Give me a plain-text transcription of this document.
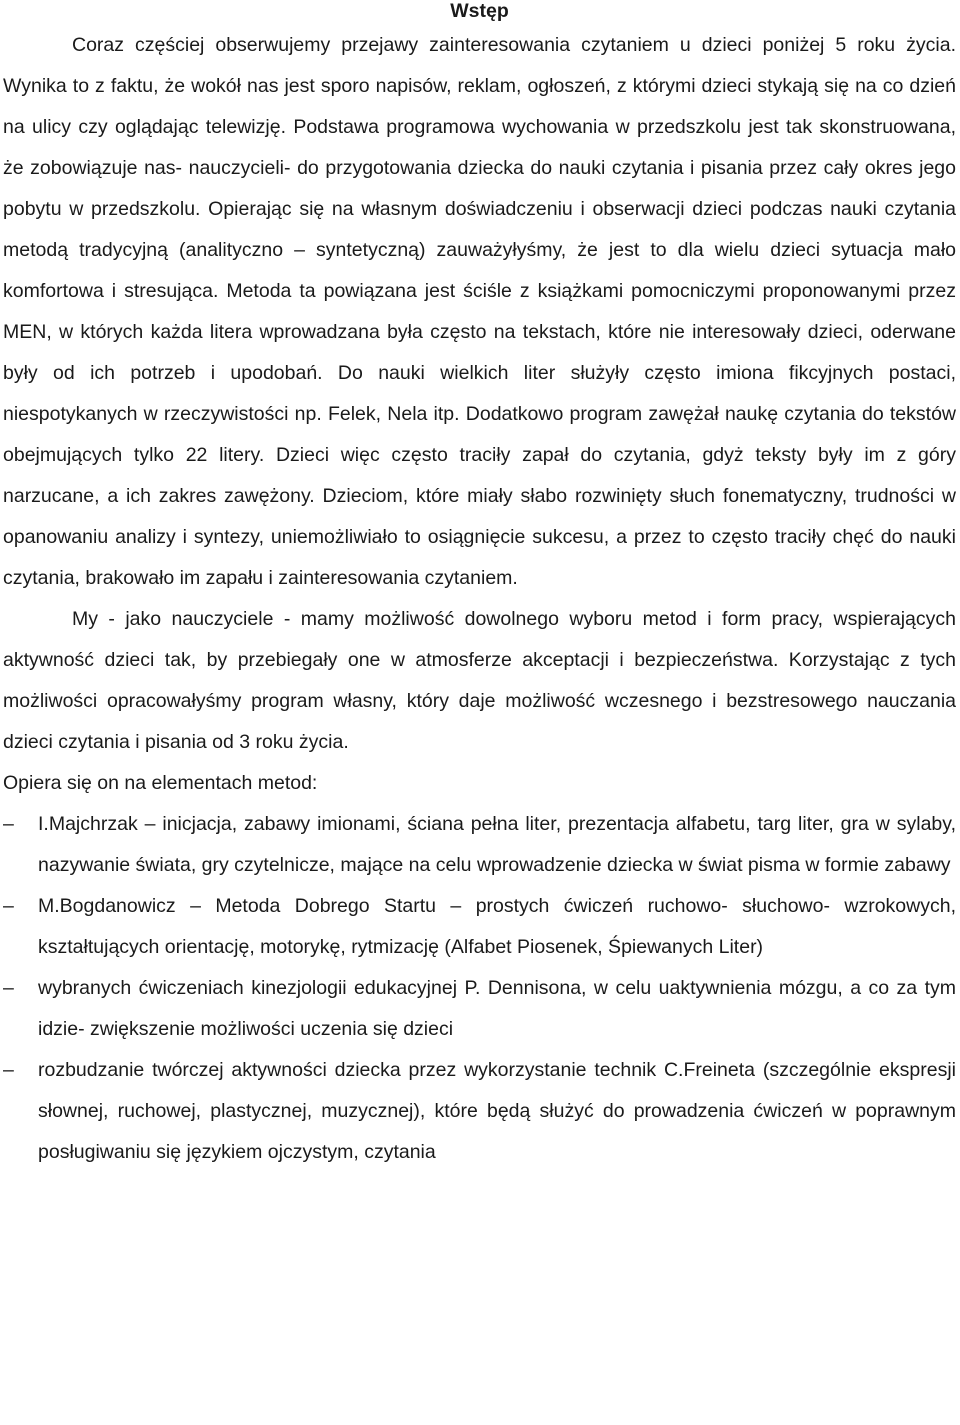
Wstęp

Coraz częściej obserwujemy przejawy zainteresowania czytaniem u dzieci poniżej 5 roku życia. Wynika to z faktu, że wokół nas jest sporo napisów, reklam, ogłoszeń, z którymi dzieci stykają się na co dzień na ulicy czy oglądając telewizję. Podstawa programowa wychowania w przedszkolu jest tak skonstruowana, że zobowiązuje nas- nauczycieli- do przygotowania dziecka do nauki czytania i pisania przez cały okres jego pobytu w przedszkolu. Opierając się na własnym doświadczeniu i obserwacji dzieci podczas nauki czytania metodą tradycyjną (analityczno – syntetyczną) zauważyłyśmy, że jest to dla wielu dzieci sytuacja mało komfortowa i stresująca. Metoda ta powiązana jest ściśle z książkami pomocniczymi proponowanymi przez MEN, w których każda litera wprowadzana była często na tekstach, które nie interesowały dzieci, oderwane były od ich potrzeb i upodobań. Do nauki wielkich liter służyły często imiona fikcyjnych postaci, niespotykanych w rzeczywistości np. Felek, Nela itp. Dodatkowo program zawężał naukę czytania do tekstów obejmujących tylko 22 litery. Dzieci więc często traciły zapał do czytania, gdyż teksty były im z góry narzucane, a ich zakres zawężony. Dzieciom, które miały słabo rozwinięty słuch fonematyczny, trudności w opanowaniu analizy i syntezy, uniemożliwiało to osiągnięcie sukcesu, a przez to często traciły chęć do nauki czytania, brakowało im zapału i zainteresowania czytaniem.

My - jako nauczyciele - mamy możliwość dowolnego wyboru metod i form pracy, wspierających aktywność dzieci tak, by przebiegały one w atmosferze akceptacji i bezpieczeństwa. Korzystając z tych możliwości opracowałyśmy program własny, który daje możliwość wczesnego i bezstresowego nauczania dzieci czytania i pisania od 3 roku życia.

Opiera się on na elementach metod:

– I.Majchrzak – inicjacja, zabawy imionami, ściana pełna liter, prezentacja alfabetu, targ liter, gra w sylaby, nazywanie świata, gry czytelnicze, mające na celu wprowadzenie dziecka w świat pisma w formie zabawy
– M.Bogdanowicz – Metoda Dobrego Startu – prostych ćwiczeń ruchowo- słuchowo- wzrokowych, kształtujących orientację, motorykę, rytmizację (Alfabet Piosenek, Śpiewanych Liter)
– wybranych ćwiczeniach kinezjologii edukacyjnej P. Dennisona, w celu uaktywnienia mózgu, a co za tym idzie- zwiększenie możliwości uczenia się dzieci
– rozbudzanie twórczej aktywności dziecka przez wykorzystanie technik C.Freineta (szczególnie ekspresji słownej, ruchowej, plastycznej, muzycznej), które będą służyć do prowadzenia ćwiczeń w poprawnym posługiwaniu się językiem ojczystym, czytania
